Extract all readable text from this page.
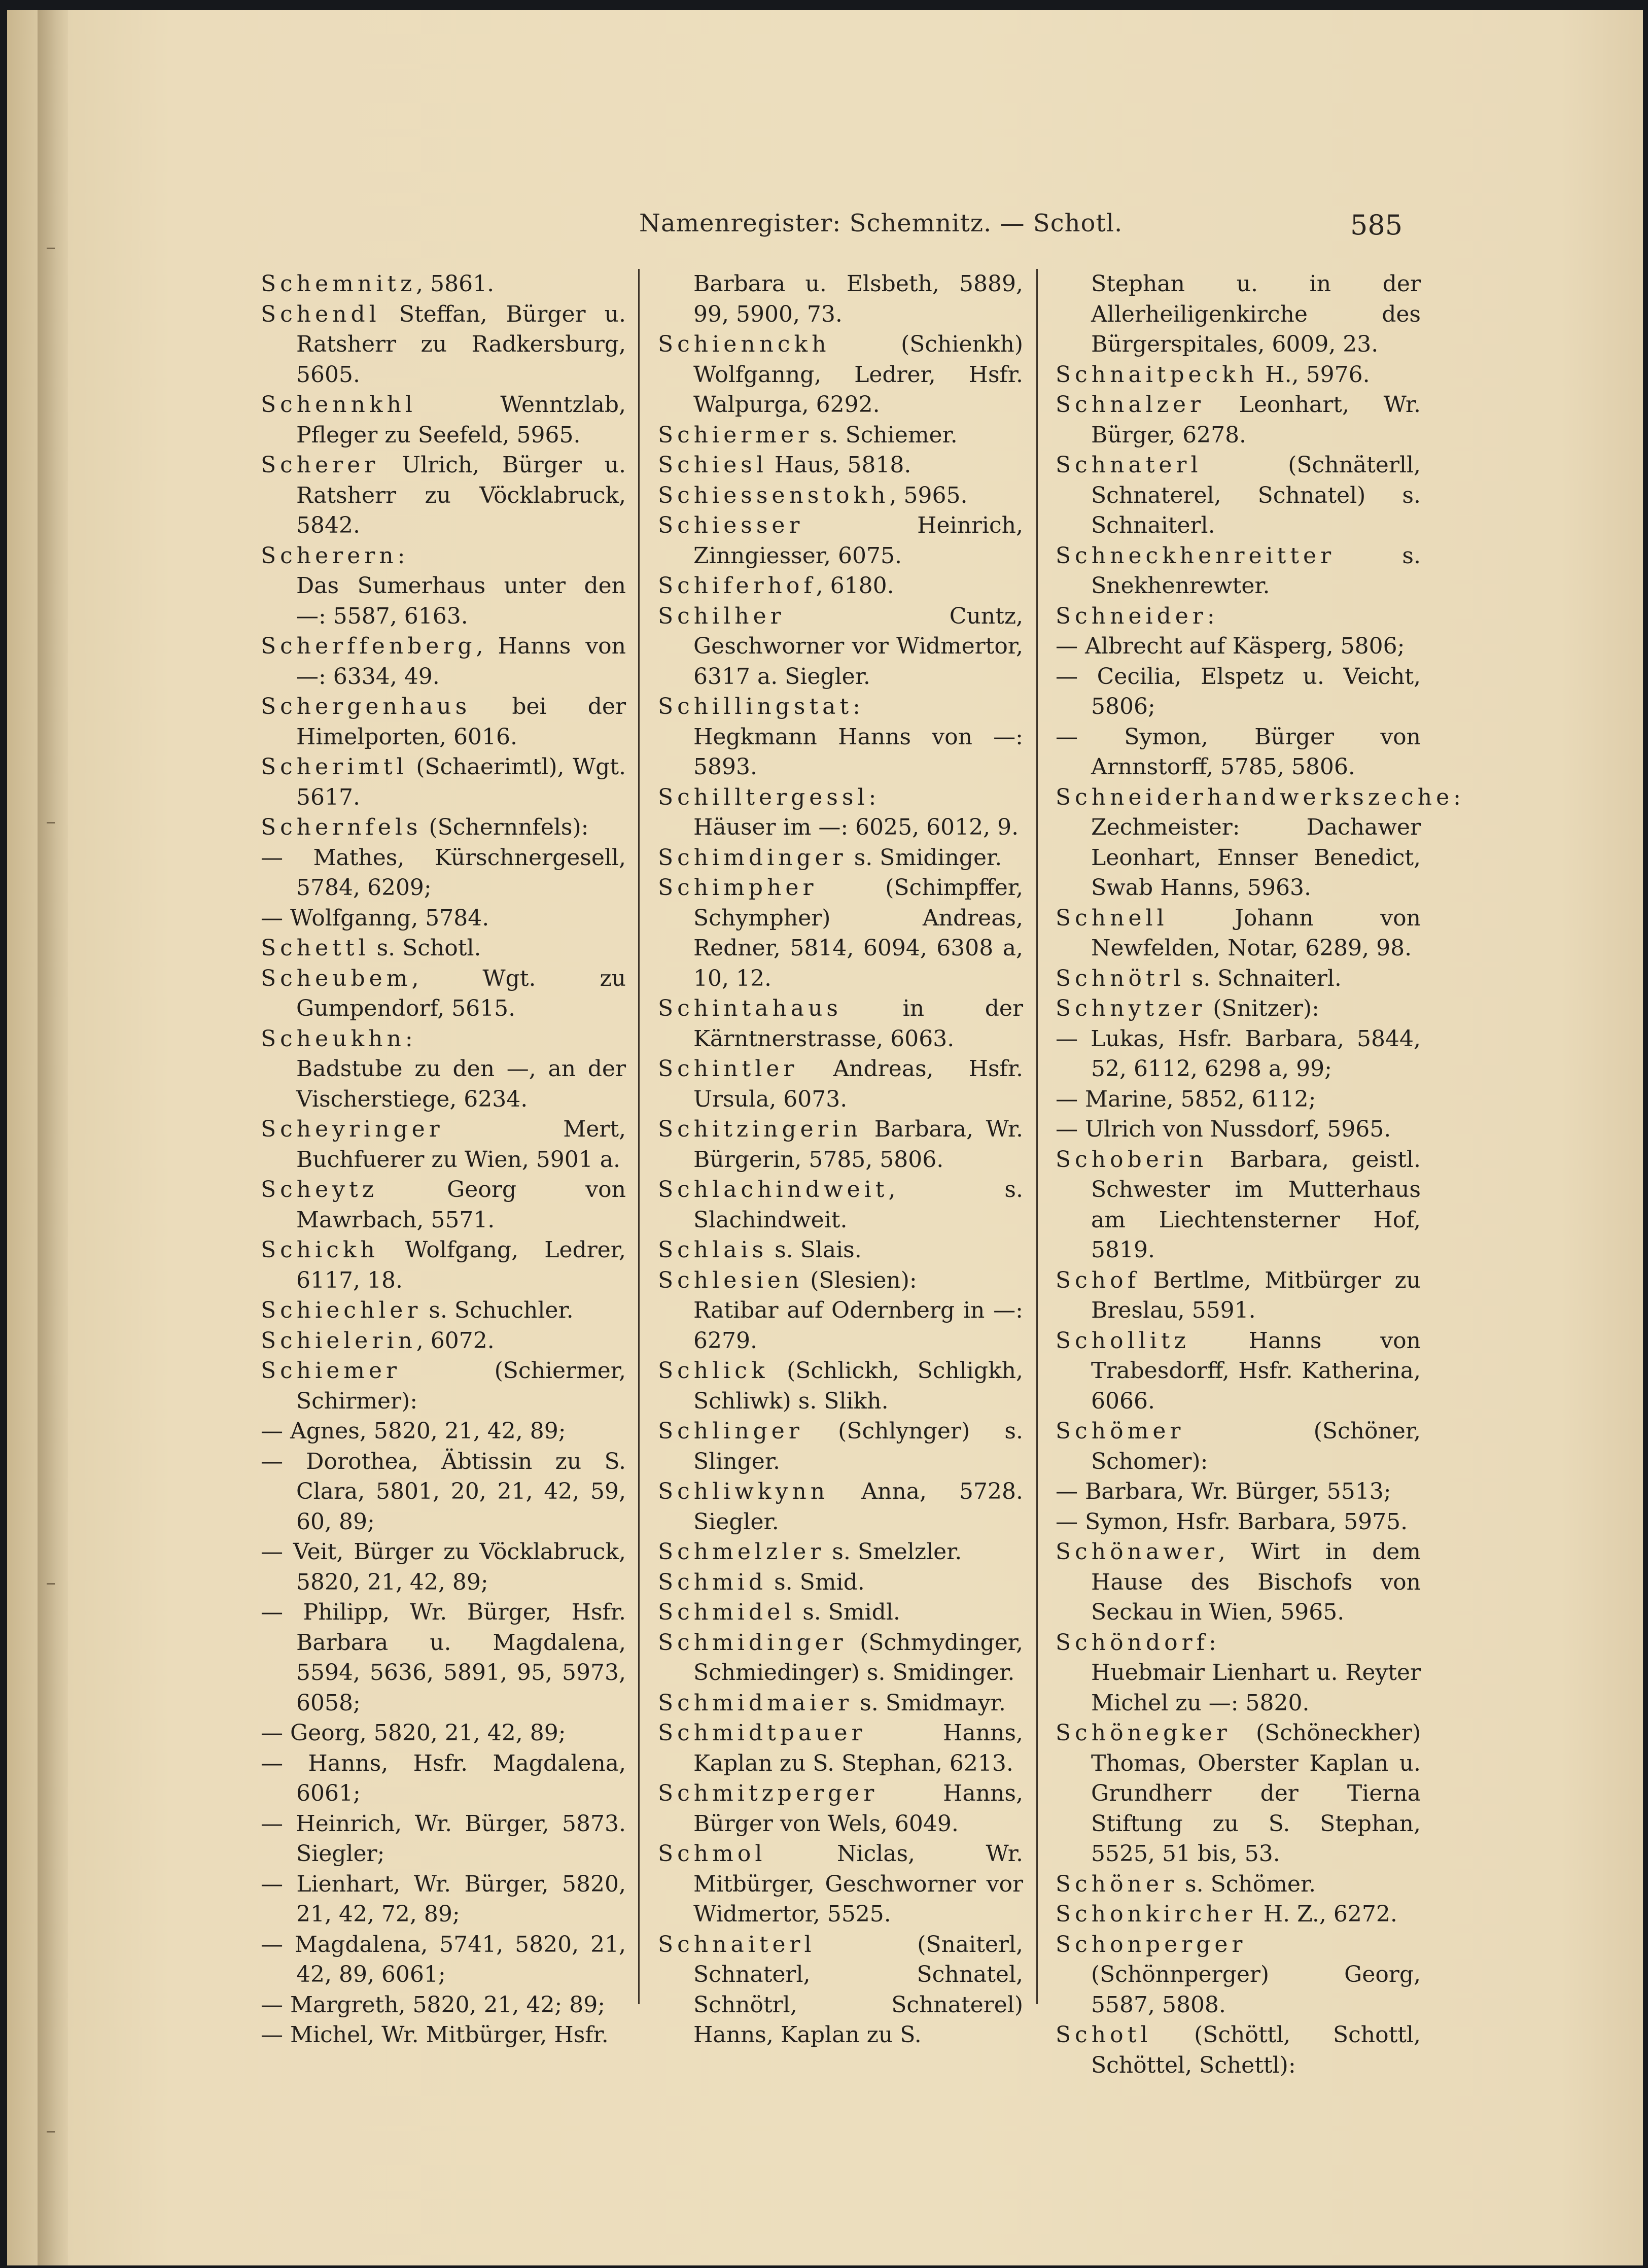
Namenregister: Schemnitz. — Schotl.	585
Schemnitz, 5861.
Schendl Steffan, Bürger u. Ratsherr zu Radkersburg, 5605.
Schennkhl Wenntzlab, Pfleger zu Seefeld, 5965.
Scherer Ulrich, Bürger u. Ratsherr zu Vöcklabruck, 5842.
Scherern:
Das Sumerhaus unter den —: 5587, 6163.
Scherffenberg, Hanns von —: 6334, 49.
Schergenhaus bei der Himelporten, 6016.
Scherimtl (Schaerimtl), Wgt. 5617.
Schernfels (Schernnfels):
— Mathes, Kürschnergesell, 5784, 6209;
— Wolfganng, 5784.
Schettl s. Schotl.
Scheubem, Wgt. zu Gumpendorf, 5615.
Scheukhn:
Badstube zu den —, an der Vischerstiege, 6234.
Scheyringer Mert, Buchfuerer zu Wien, 5901 a.
Scheytz Georg von Mawrbach, 5571.
Schickh Wolfgang, Ledrer, 6117, 18.
Schiechler s. Schuchler.
Schielerin, 6072.
Schiemer (Schiermer, Schirmer):
— Agnes, 5820, 21, 42, 89;
— Dorothea, Äbtissin zu S. Clara, 5801, 20, 21, 42, 59, 60, 89;
— Veit, Bürger zu Vöcklabruck, 5820, 21, 42, 89;
— Philipp, Wr. Bürger, Hsfr. Barbara u. Magdalena, 5594, 5636, 5891, 95, 5973, 6058;
— Georg, 5820, 21, 42, 89;
— Hanns, Hsfr. Magdalena, 6061;
— Heinrich, Wr. Bürger, 5873. Siegler;
— Lienhart, Wr. Bürger, 5820, 21, 42, 72, 89;
— Magdalena, 5741, 5820, 21, 42, 89, 6061;
— Margreth, 5820, 21, 42; 89;
— Michel, Wr. Mitbürger, Hsfr.
Barbara u. Elsbeth, 5889, 99, 5900, 73.
Schiennckh (Schienkh) Wolfganng, Ledrer, Hsfr. Walpurga, 6292.
Schiermer s. Schiemer.
Schiesl Haus, 5818.
Schiessenstokh, 5965.
Schiesser Heinrich, Zinngiesser, 6075.
Schiferhof, 6180.
Schilher Cuntz, Geschworner vor Widmertor, 6317 a. Siegler.
Schillingstat:
Hegkmann Hanns von —: 5893.
Schilltergessl:
Häuser im —: 6025, 6012, 9.
Schimdinger s. Smidinger.
Schimpher (Schimpffer, Schympher) Andreas, Redner, 5814, 6094, 6308 a, 10, 12.
Schintahaus in der Kärntnerstrasse, 6063.
Schintler Andreas, Hsfr. Ursula, 6073.
Schitzingerin Barbara, Wr. Bürgerin, 5785, 5806.
Schlachindweit, s. Slachindweit.
Schlais s. Slais.
Schlesien (Slesien):
Ratibar auf Odernberg in —: 6279.
Schlick (Schlickh, Schligkh, Schliwk) s. Slikh.
Schlinger (Schlynger) s. Slinger.
Schliwkynn Anna, 5728. Siegler.
Schmelzler s. Smelzler.
Schmid s. Smid.
Schmidel s. Smidl.
Schmidinger (Schmydinger, Schmiedinger) s. Smidinger.
Schmidmaier s. Smidmayr.
Schmidtpauer Hanns, Kaplan zu S. Stephan, 6213.
Schmitzperger Hanns, Bürger von Wels, 6049.
Schmol Niclas, Wr. Mitbürger, Geschworner vor Widmertor, 5525.
Schnaiterl (Snaiterl, Schnaterl, Schnatel, Schnötrl, Schnaterel) Hanns, Kaplan zu S.
Stephan u. in der Allerheiligenkirche des Bürgerspitales, 6009, 23.
Schnaitpeckh H., 5976.
Schnalzer Leonhart, Wr. Bürger, 6278.
Schnaterl (Schnäterll, Schnaterel, Schnatel) s. Schnaiterl.
Schneckhenreitter s. Snekhenrewter.
Schneider:
— Albrecht auf Käsperg, 5806;
— Cecilia, Elspetz u. Veicht, 5806;
— Symon, Bürger von Arnnstorff, 5785, 5806.
Schneiderhandwerkszeche:
Zechmeister: Dachawer Leonhart, Ennser Benedict, Swab Hanns, 5963.
Schnell Johann von Newfelden, Notar, 6289, 98.
Schnötrl s. Schnaiterl.
Schnytzer (Snitzer):
— Lukas, Hsfr. Barbara, 5844, 52, 6112, 6298 a, 99;
— Marine, 5852, 6112;
— Ulrich von Nussdorf, 5965.
Schoberin Barbara, geistl. Schwester im Mutterhaus am Liechtensterner Hof, 5819.
Schof Bertlme, Mitbürger zu Breslau, 5591.
Schollitz Hanns von Trabesdorff, Hsfr. Katherina, 6066.
Schömer (Schöner, Schomer):
— Barbara, Wr. Bürger, 5513;
— Symon, Hsfr. Barbara, 5975.
Schönawer, Wirt in dem Hause des Bischofs von Seckau in Wien, 5965.
Schöndorf:
Huebmair Lienhart u. Reyter Michel zu —: 5820.
Schönegker (Schöneckher) Thomas, Oberster Kaplan u. Grundherr der Tierna Stiftung zu S. Stephan, 5525, 51 bis, 53.
Schöner s. Schömer.
Schonkircher H. Z., 6272.
Schonperger (Schönnperger) Georg, 5587, 5808.
Schotl (Schöttl, Schottl, Schöttel, Schettl):
